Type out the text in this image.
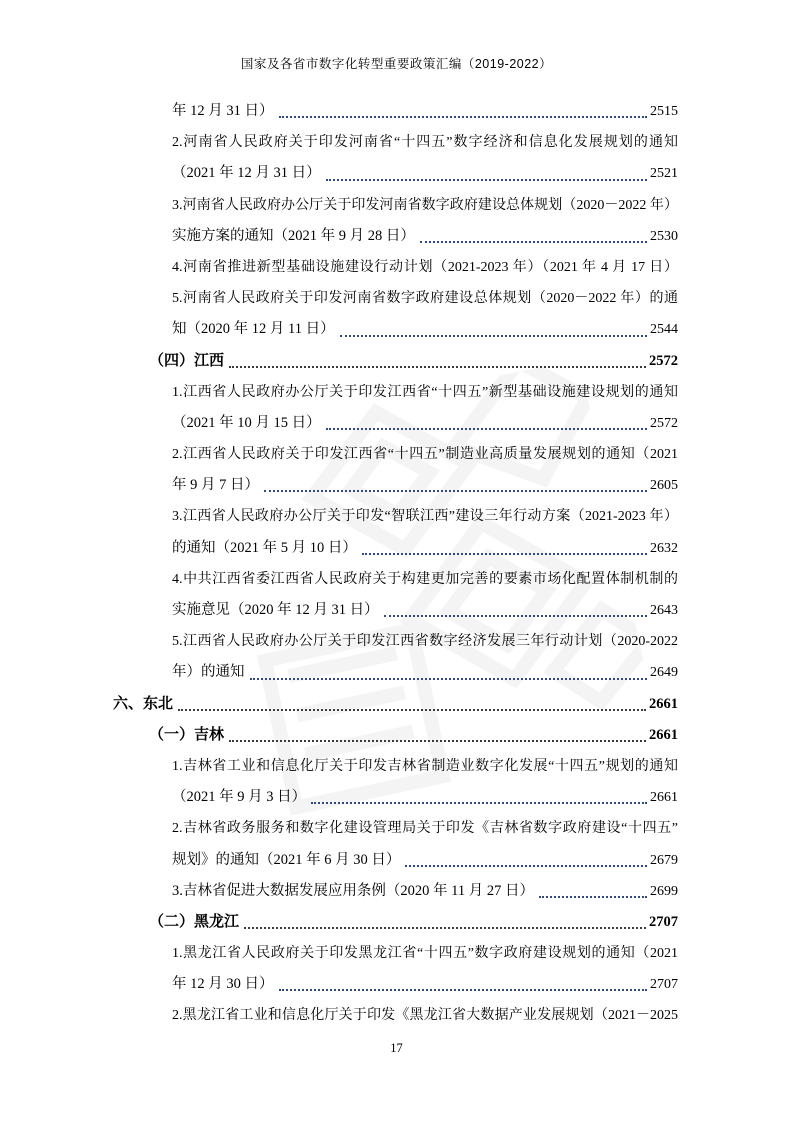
国家及各省市数字化转型重要政策汇编（2019-2022）
年 12 月 31 日）	2515
2.河南省人民政府关于印发河南省“十四五”数字经济和信息化发展规划的通知
（2021 年 12 月 31 日）	2521
3.河南省人民政府办公厅关于印发河南省数字政府建设总体规划（2020－2022 年）
实施方案的通知（2021 年 9 月 28 日）	2530
4.河南省推进新型基础设施建设行动计划（2021-2023 年）（2021 年 4 月 17 日）
5.河南省人民政府关于印发河南省数字政府建设总体规划（2020－2022 年）的通
知（2020 年 12 月 11 日）	2544
（四）江西	2572
1.江西省人民政府办公厅关于印发江西省“十四五”新型基础设施建设规划的通知
（2021 年 10 月 15 日）	2572
2.江西省人民政府关于印发江西省“十四五”制造业高质量发展规划的通知（2021
年 9 月 7 日）	2605
3.江西省人民政府办公厅关于印发“智联江西”建设三年行动方案（2021-2023 年）
的通知（2021 年 5 月 10 日）	2632
4.中共江西省委江西省人民政府关于构建更加完善的要素市场化配置体制机制的
实施意见（2020 年 12 月 31 日）	2643
5.江西省人民政府办公厅关于印发江西省数字经济发展三年行动计划（2020-2022
年）的通知	2649
六、东北	2661
（一）吉林	2661
1.吉林省工业和信息化厅关于印发吉林省制造业数字化发展“十四五”规划的通知
（2021 年 9 月 3 日）	2661
2.吉林省政务服务和数字化建设管理局关于印发《吉林省数字政府建设“十四五”
规划》的通知（2021 年 6 月 30 日）	2679
3.吉林省促进大数据发展应用条例（2020 年 11 月 27 日）	2699
（二）黑龙江	2707
1.黑龙江省人民政府关于印发黑龙江省“十四五”数字政府建设规划的通知（2021
年 12 月 30 日）	2707
2.黑龙江省工业和信息化厅关于印发《黑龙江省大数据产业发展规划（2021－2025
17
